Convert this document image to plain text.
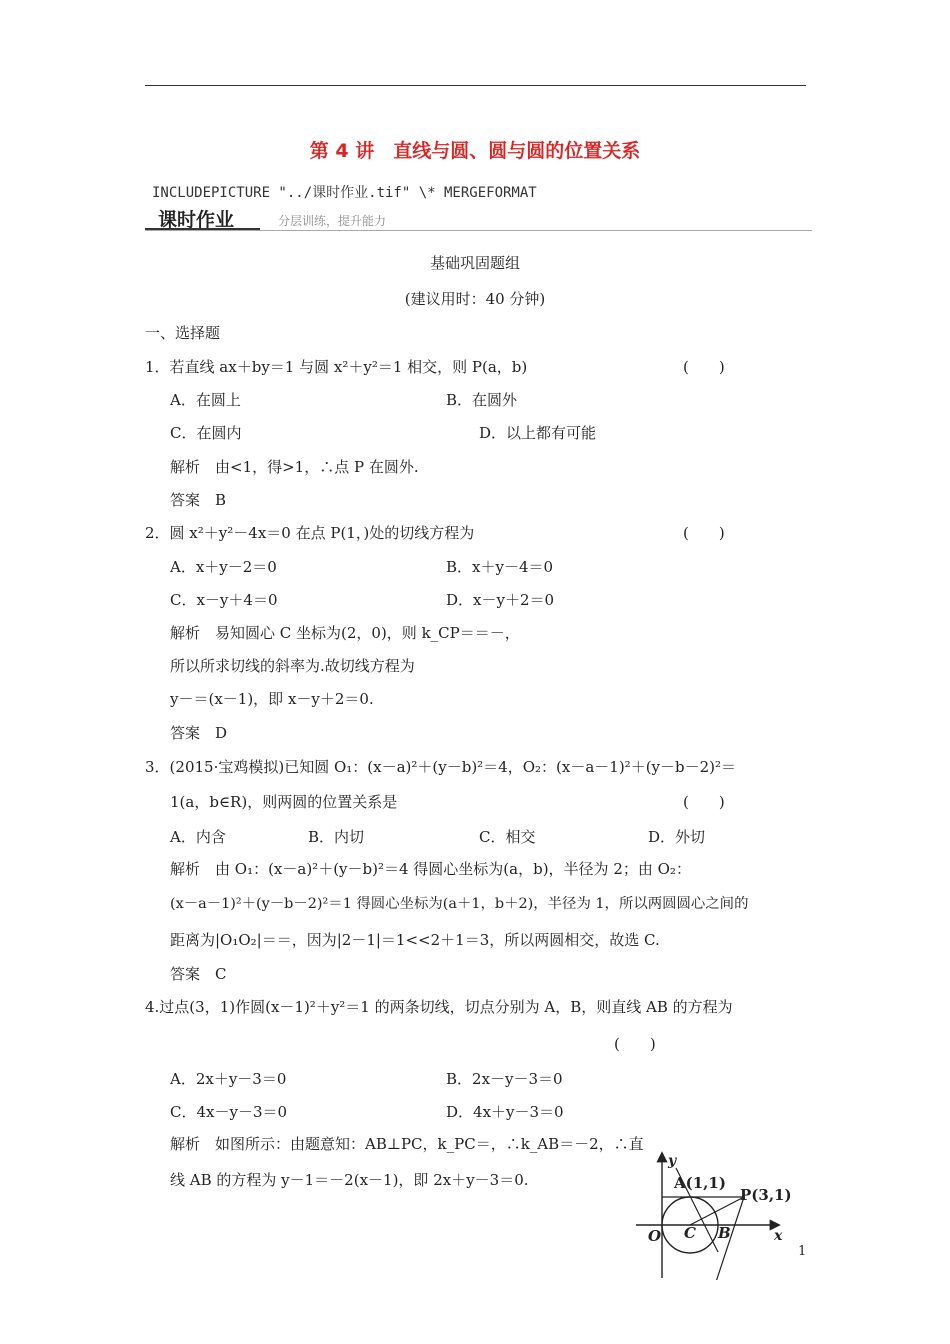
第 4 讲　直线与圆、圆与圆的位置关系
INCLUDEPICTURE "../课时作业.tif" \* MERGEFORMAT
课时作业	分层训练，提升能力
基础巩固题组
(建议用时：40 分钟)
一、选择题
1．若直线 ax＋by＝1 与圆 x²＋y²＝1 相交，则 P(a，b)	(　　)
A．在圆上	B．在圆外
C．在圆内	D．以上都有可能
解析　由<1，得>1，∴点 P 在圆外.
答案　B
2．圆 x²＋y²－4x＝0 在点 P(1，)处的切线方程为	(　　)
A．x＋y－2＝0	B．x＋y－4＝0
C．x－y＋4＝0	D．x－y＋2＝0
解析　易知圆心 C 坐标为(2，0)，则 k_CP＝＝－，
所以所求切线的斜率为.故切线方程为
y－＝(x－1)，即 x－y＋2＝0.
答案　D
3．(2015·宝鸡模拟)已知圆 O₁：(x－a)²＋(y－b)²＝4，O₂：(x－a－1)²＋(y－b－2)²＝
1(a，b∈R)，则两圆的位置关系是	(　　)
A．内含	B．内切	C．相交	D．外切
解析　由 O₁：(x－a)²＋(y－b)²＝4 得圆心坐标为(a，b)，半径为 2；由 O₂：
(x－a－1)²＋(y－b－2)²＝1 得圆心坐标为(a＋1，b＋2)，半径为 1，所以两圆圆心之间的
距离为|O₁O₂|＝＝，因为|2－1|＝1<<2＋1＝3，所以两圆相交，故选 C.
答案　C
4.过点(3，1)作圆(x－1)²＋y²＝1 的两条切线，切点分别为 A，B，则直线 AB 的方程为
(　　)
A．2x＋y－3＝0	B．2x－y－3＝0
C．4x－y－3＝0	D．4x＋y－3＝0
解析　如图所示：由题意知：AB⊥PC，k_PC＝，∴k_AB＝－2，∴直
线 AB 的方程为 y－1＝－2(x－1)，即 2x＋y－3＝0.
y
x
A(1,1)
P(3,1)
O C B
1
